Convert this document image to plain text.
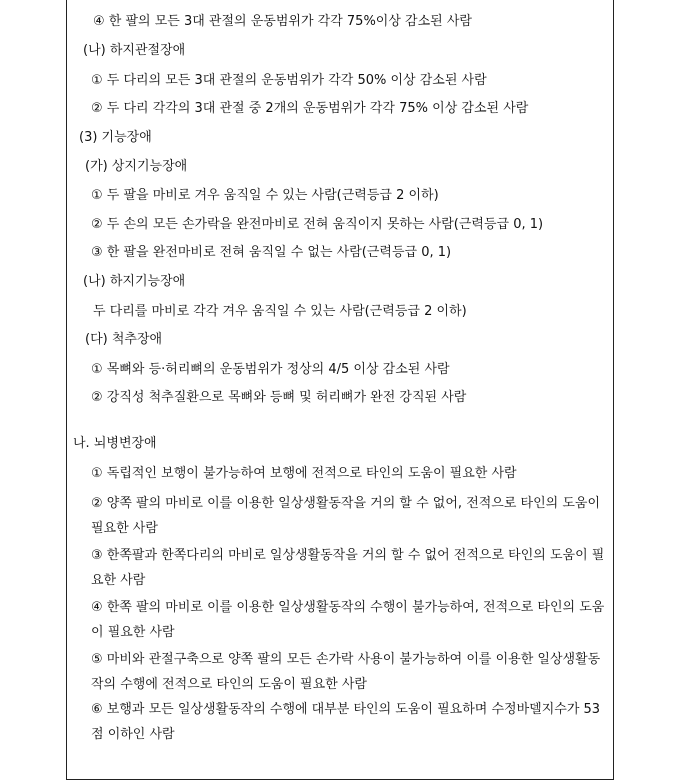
④ 한 팔의 모든 3대 관절의 운동범위가 각각 75%이상 감소된 사람
(나) 하지관절장애
① 두 다리의 모든 3대 관절의 운동범위가 각각 50% 이상 감소된 사람
② 두 다리 각각의 3대 관절 중 2개의 운동범위가 각각 75% 이상 감소된 사람
(3) 기능장애
(가) 상지기능장애
① 두 팔을 마비로 겨우 움직일 수 있는 사람(근력등급 2 이하)
② 두 손의 모든 손가락을 완전마비로 전혀 움직이지 못하는 사람(근력등급 0, 1)
③ 한 팔을 완전마비로 전혀 움직일 수 없는 사람(근력등급 0, 1)
(나) 하지기능장애
두 다리를 마비로 각각 겨우 움직일 수 있는 사람(근력등급 2 이하)
(다) 척추장애
① 목뼈와 등·허리뼈의 운동범위가 정상의 4/5 이상 감소된 사람
② 강직성 척추질환으로 목뼈와 등뼈 및 허리뼈가 완전 강직된 사람
나. 뇌병변장애
① 독립적인 보행이 불가능하여 보행에 전적으로 타인의 도움이 필요한 사람
② 양쪽 팔의 마비로 이를 이용한 일상생활동작을 거의 할 수 없어, 전적으로 타인의 도움이 필요한 사람
③ 한쪽팔과 한쪽다리의 마비로 일상생활동작을 거의 할 수 없어 전적으로 타인의 도움이 필요한 사람
④ 한쪽 팔의 마비로 이를 이용한 일상생활동작의 수행이 불가능하여, 전적으로 타인의 도움이 필요한 사람
⑤ 마비와 관절구축으로 양쪽 팔의 모든 손가락 사용이 불가능하여 이를 이용한 일상생활동작의 수행에 전적으로 타인의 도움이 필요한 사람
⑥ 보행과 모든 일상생활동작의 수행에 대부분 타인의 도움이 필요하며 수정바델지수가 53점 이하인 사람
